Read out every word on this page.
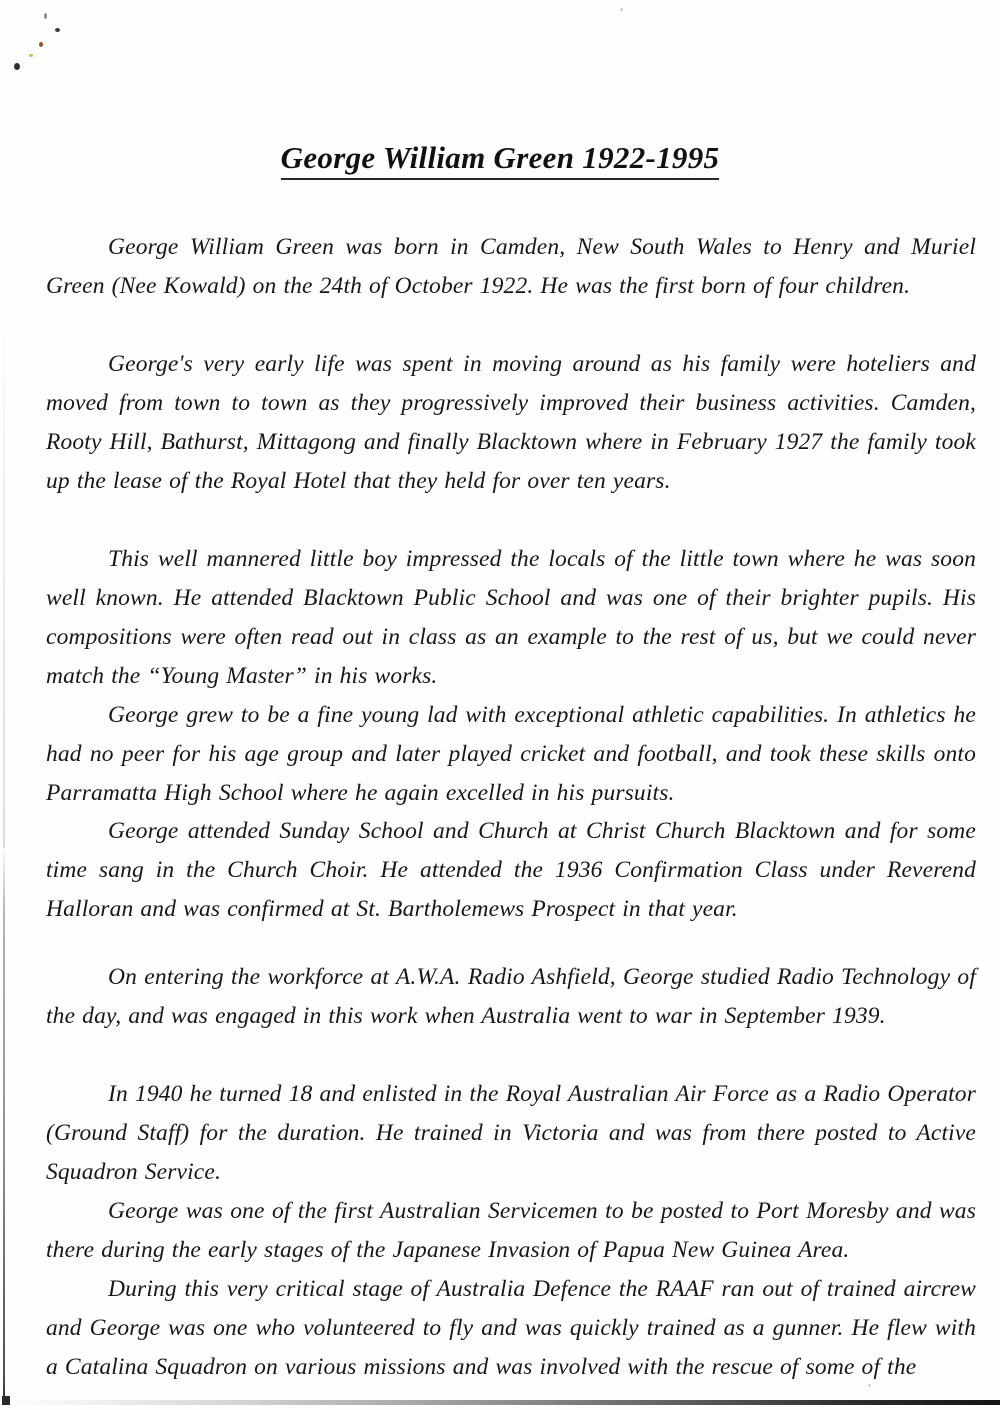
George William Green 1922-1995

George William Green was born in Camden, New South Wales to Henry and Muriel Green (Nee Kowald) on the 24th of October 1922. He was the first born of four children.

George's very early life was spent in moving around as his family were hoteliers and moved from town to town as they progressively improved their business activities. Camden, Rooty Hill, Bathurst, Mittagong and finally Blacktown where in February 1927 the family took up the lease of the Royal Hotel that they held for over ten years.

This well mannered little boy impressed the locals of the little town where he was soon well known. He attended Blacktown Public School and was one of their brighter pupils. His compositions were often read out in class as an example to the rest of us, but we could never match the “Young Master” in his works.

George grew to be a fine young lad with exceptional athletic capabilities. In athletics he had no peer for his age group and later played cricket and football, and took these skills onto Parramatta High School where he again excelled in his pursuits.

George attended Sunday School and Church at Christ Church Blacktown and for some time sang in the Church Choir. He attended the 1936 Confirmation Class under Reverend Halloran and was confirmed at St. Bartholemews Prospect in that year.

On entering the workforce at A.W.A. Radio Ashfield, George studied Radio Technology of the day, and was engaged in this work when Australia went to war in September 1939.

In 1940 he turned 18 and enlisted in the Royal Australian Air Force as a Radio Operator (Ground Staff) for the duration. He trained in Victoria and was from there posted to Active Squadron Service.

George was one of the first Australian Servicemen to be posted to Port Moresby and was there during the early stages of the Japanese Invasion of Papua New Guinea Area.

During this very critical stage of Australia Defence the RAAF ran out of trained aircrew and George was one who volunteered to fly and was quickly trained as a gunner. He flew with a Catalina Squadron on various missions and was involved with the rescue of some of the
